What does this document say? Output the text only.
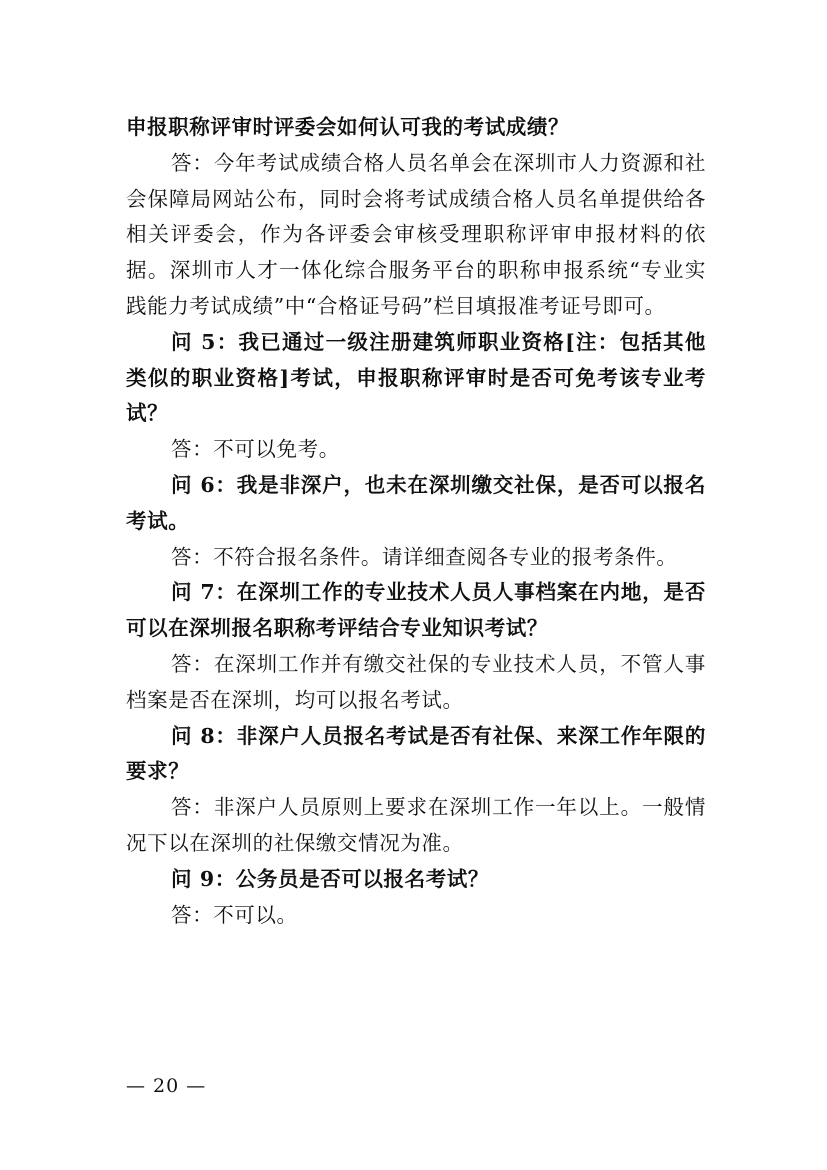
申报职称评审时评委会如何认可我的考试成绩？

答：今年考试成绩合格人员名单会在深圳市人力资源和社会保障局网站公布，同时会将考试成绩合格人员名单提供给各相关评委会，作为各评委会审核受理职称评审申报材料的依据。深圳市人才一体化综合服务平台的职称申报系统“专业实践能力考试成绩”中“合格证号码”栏目填报准考证号即可。

问 5：我已通过一级注册建筑师职业资格[注：包括其他类似的职业资格]考试，申报职称评审时是否可免考该专业考试？

答：不可以免考。

问 6：我是非深户，也未在深圳缴交社保，是否可以报名考试。

答：不符合报名条件。请详细查阅各专业的报考条件。

问 7：在深圳工作的专业技术人员人事档案在内地，是否可以在深圳报名职称考评结合专业知识考试？

答：在深圳工作并有缴交社保的专业技术人员，不管人事档案是否在深圳，均可以报名考试。

问 8：非深户人员报名考试是否有社保、来深工作年限的要求？

答：非深户人员原则上要求在深圳工作一年以上。一般情况下以在深圳的社保缴交情况为准。

问 9：公务员是否可以报名考试？

答：不可以。

— 20 —
